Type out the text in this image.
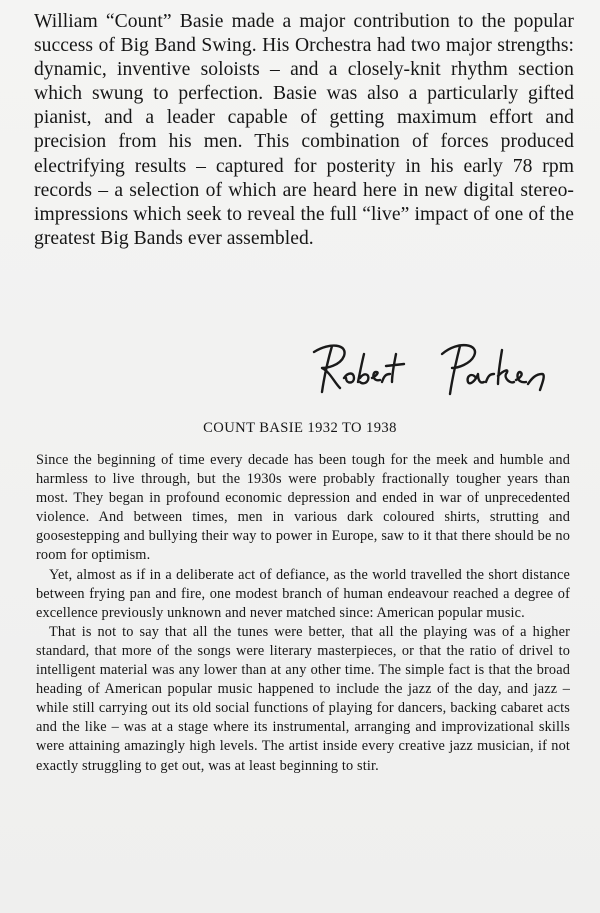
William “Count” Basie made a major contribution to the popular success of Big Band Swing. His Orchestra had two major strengths: dynamic, inventive soloists – and a closely-knit rhythm section which swung to perfection. Basie was also a particularly gifted pianist, and a leader capable of getting maximum effort and precision from his men. This combination of forces produced electrifying results – captured for posterity in his early 78 rpm records – a selection of which are heard here in new digital stereo-impressions which seek to reveal the full “live” impact of one of the greatest Big Bands ever assembled.

COUNT BASIE 1932 TO 1938

Since the beginning of time every decade has been tough for the meek and humble and harmless to live through, but the 1930s were probably fractionally tougher years than most. They began in profound economic depression and ended in war of unprecedented violence. And between times, men in various dark coloured shirts, strutting and goosestepping and bullying their way to power in Europe, saw to it that there should be no room for optimism.

Yet, almost as if in a deliberate act of defiance, as the world travelled the short distance between frying pan and fire, one modest branch of human endeavour reached a degree of excellence previously unknown and never matched since: American popular music.

That is not to say that all the tunes were better, that all the playing was of a higher standard, that more of the songs were literary masterpieces, or that the ratio of drivel to intelligent material was any lower than at any other time. The simple fact is that the broad heading of American popular music happened to include the jazz of the day, and jazz – while still carrying out its old social functions of playing for dancers, backing cabaret acts and the like – was at a stage where its instrumental, arranging and improvizational skills were attaining amazingly high levels. The artist inside every creative jazz musician, if not exactly struggling to get out, was at least beginning to stir.
